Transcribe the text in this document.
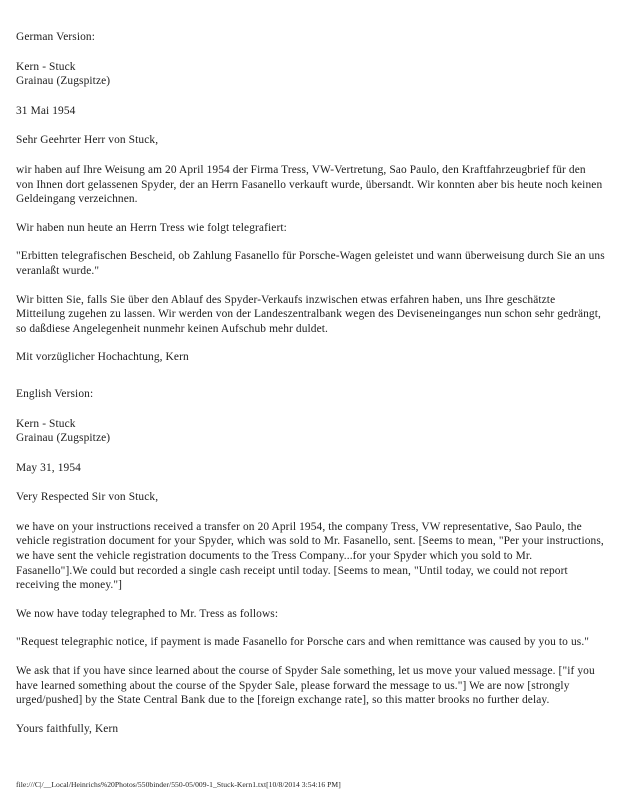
German Version:

Kern - Stuck
Grainau (Zugspitze)

31 Mai 1954

Sehr Geehrter Herr von Stuck,

wir haben auf Ihre Weisung am 20 April 1954 der Firma Tress, VW-Vertretung, Sao Paulo, den Kraftfahrzeugbrief für den von Ihnen dort gelassenen Spyder, der an Herrn Fasanello verkauft wurde, übersandt. Wir konnten aber bis heute noch keinen Geldeingang verzeichnen.

Wir haben nun heute an Herrn Tress wie folgt telegrafiert:

"Erbitten telegrafischen Bescheid, ob Zahlung Fasanello für Porsche-Wagen geleistet und wann überweisung durch Sie an uns veranlaßt wurde."

Wir bitten Sie, falls Sie über den Ablauf des Spyder-Verkaufs inzwischen etwas erfahren haben, uns Ihre geschätzte Mitteilung zugehen zu lassen. Wir werden von der Landeszentralbank wegen des Deviseneinganges nun schon sehr gedrängt, so daßdiese Angelegenheit nunmehr keinen Aufschub mehr duldet.

Mit vorzüglicher Hochachtung, Kern

English Version:

Kern - Stuck
Grainau (Zugspitze)

May 31, 1954

Very Respected Sir von Stuck,

we have on your instructions received a transfer on 20 April 1954, the company Tress, VW representative, Sao Paulo, the vehicle registration document for your Spyder, which was sold to Mr. Fasanello, sent. [Seems to mean, "Per your instructions, we have sent the vehicle registration documents to the Tress Company...for your Spyder which you sold to Mr. Fasanello"].We could but recorded a single cash receipt until today. [Seems to mean, "Until today, we could not report receiving the money."]

We now have today telegraphed to Mr. Tress as follows:

"Request telegraphic notice, if payment is made Fasanello for Porsche cars and when remittance was caused by you to us."

We ask that if you have since learned about the course of Spyder Sale something, let us move your valued message. ["if you have learned something about the course of the Spyder Sale, please forward the message to us."] We are now [strongly urged/pushed] by the State Central Bank due to the [foreign exchange rate], so this matter brooks no further delay.

Yours faithfully, Kern

file:///C|/__Local/Heinrichs%20Photos/550binder/550-05/009-1_Stuck-Kern1.txt[10/8/2014 3:54:16 PM]
